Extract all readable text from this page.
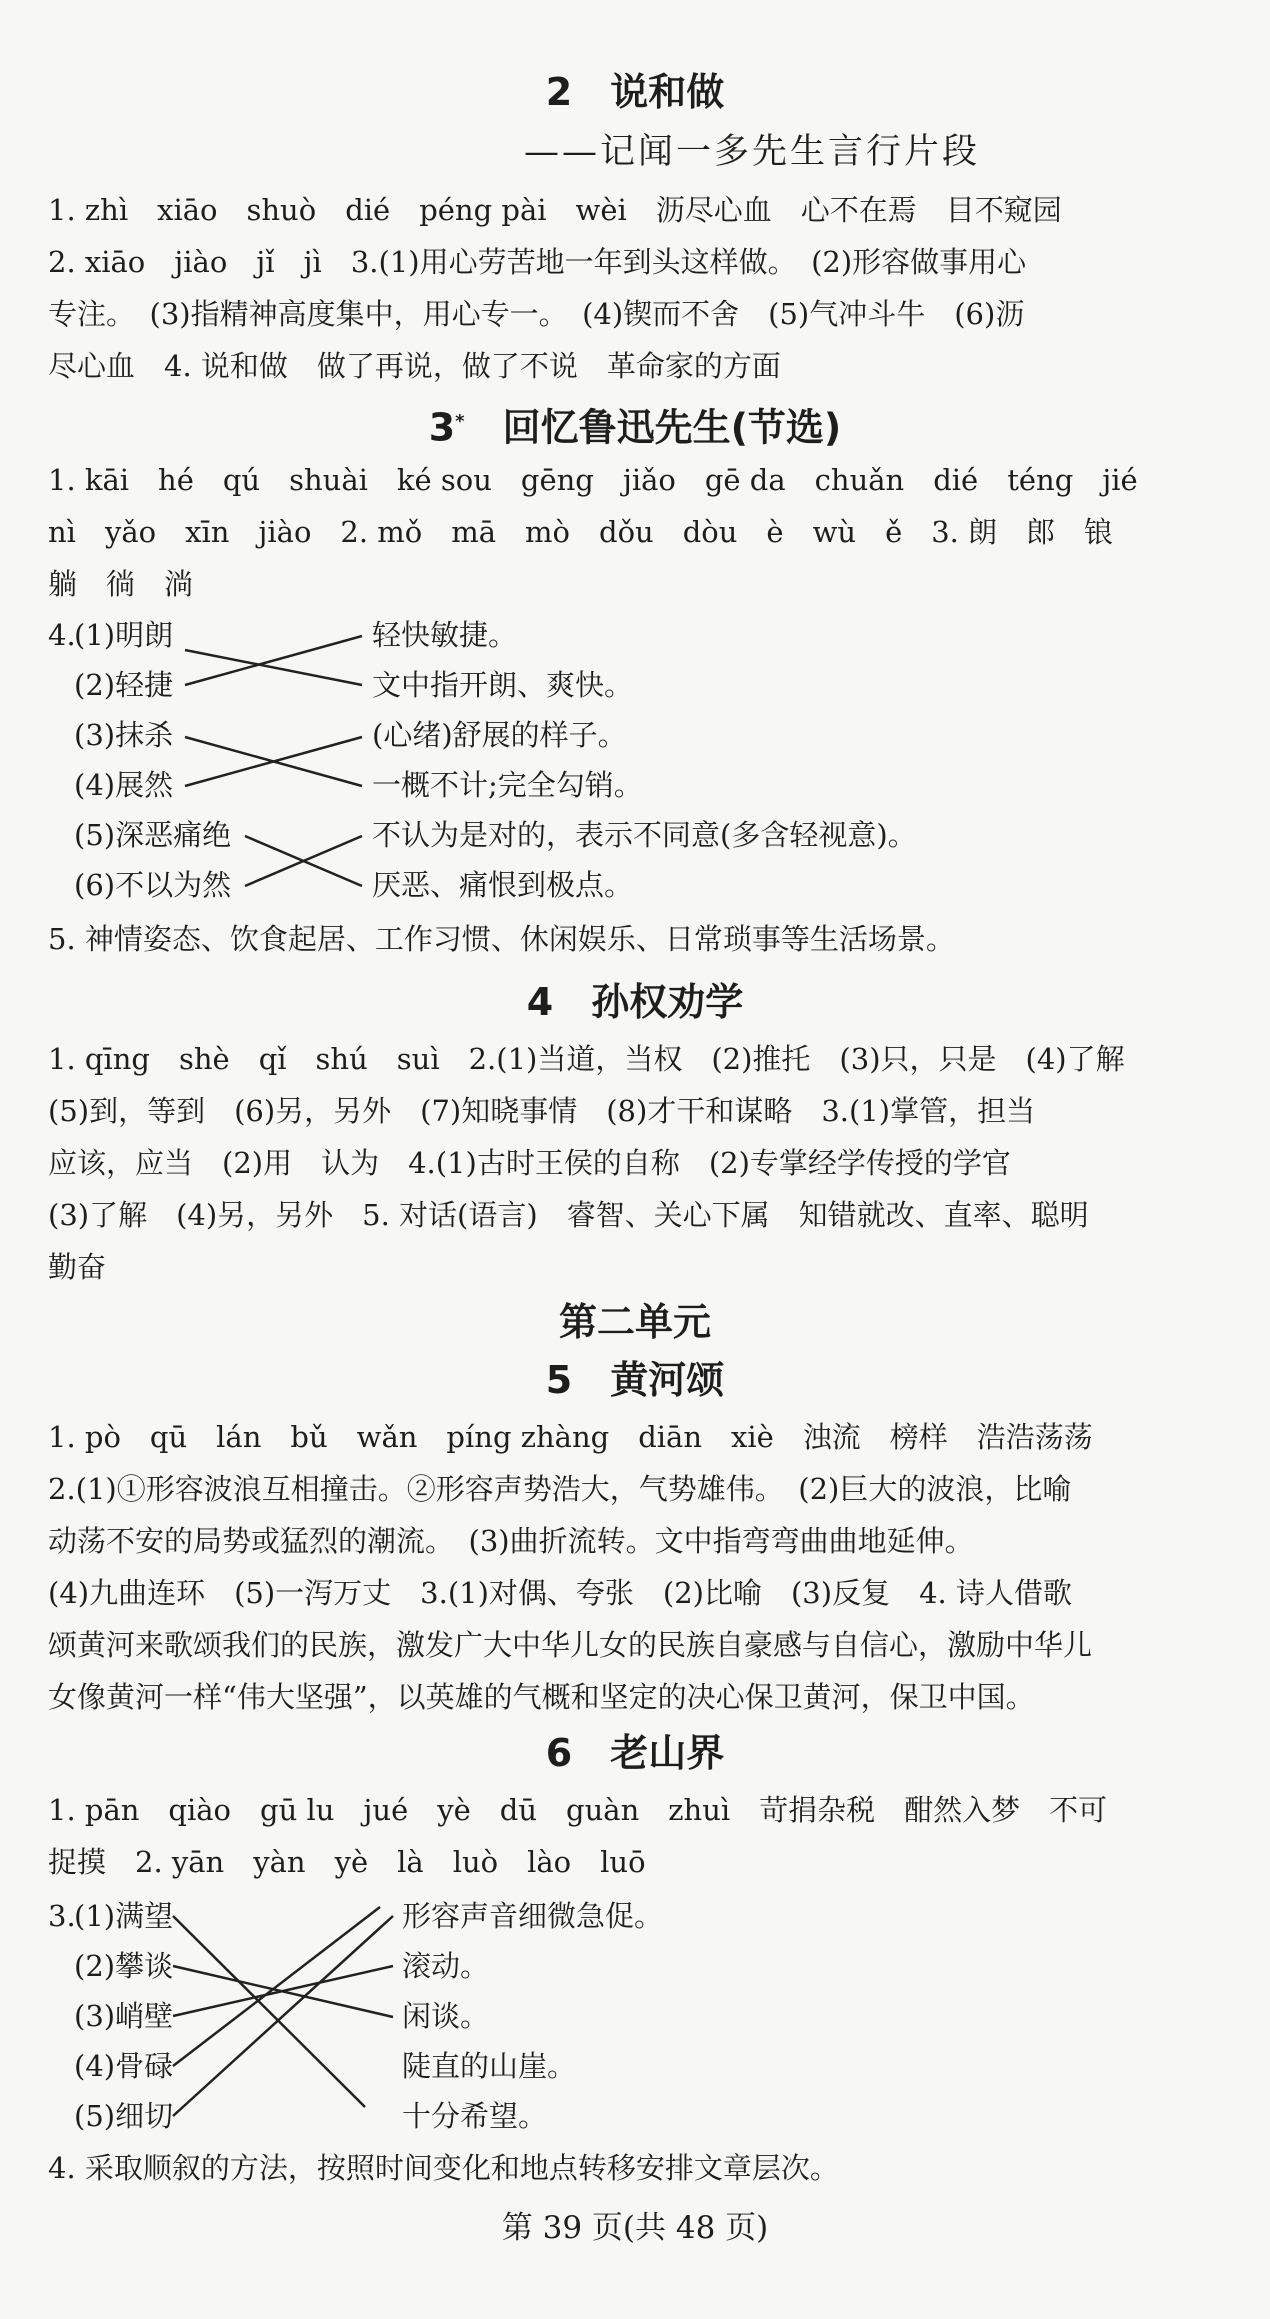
2　说和做
——记闻一多先生言行片段
1. zhì　xiāo　shuò　dié　péng pài　wèi　沥尽心血　心不在焉　目不窥园
2. xiāo　jiào　jǐ　jì　3.(1)用心劳苦地一年到头这样做。　(2)形容做事用心
专注。　(3)指精神高度集中，用心专一。　(4)锲而不舍　(5)气冲斗牛　(6)沥
尽心血　4. 说和做　做了再说，做了不说　革命家的方面
3*　回忆鲁迅先生(节选)
1. kāi　hé　qú　shuài　ké sou　gēng　jiǎo　gē da　chuǎn　dié　téng　jié
nì　yǎo　xīn　jiào　2. mǒ　mā　mò　dǒu　dòu　è　wù　ě　3. 朗　郎　锒
躺　徜　淌
4.
(1)明朗
(2)轻捷
(3)抹杀
(4)展然
(5)深恶痛绝
(6)不以为然
轻快敏捷。
文中指开朗、爽快。
(心绪)舒展的样子。
一概不计;完全勾销。
不认为是对的，表示不同意(多含轻视意)。
厌恶、痛恨到极点。
5. 神情姿态、饮食起居、工作习惯、休闲娱乐、日常琐事等生活场景。
4　孙权劝学
1. qīng　shè　qǐ　shú　suì　2.(1)当道，当权　(2)推托　(3)只，只是　(4)了解
(5)到，等到　(6)另，另外　(7)知晓事情　(8)才干和谋略　3.(1)掌管，担当
应该，应当　(2)用　认为　4.(1)古时王侯的自称　(2)专掌经学传授的学官
(3)了解　(4)另，另外　5. 对话(语言)　睿智、关心下属　知错就改、直率、聪明
勤奋
第二单元
5　黄河颂
1. pò　qū　lán　bǔ　wǎn　píng zhàng　diān　xiè　浊流　榜样　浩浩荡荡
2.(1)①形容波浪互相撞击。②形容声势浩大，气势雄伟。　(2)巨大的波浪，比喻
动荡不安的局势或猛烈的潮流。　(3)曲折流转。文中指弯弯曲曲地延伸。
(4)九曲连环　(5)一泻万丈　3.(1)对偶、夸张　(2)比喻　(3)反复　4. 诗人借歌
颂黄河来歌颂我们的民族，激发广大中华儿女的民族自豪感与自信心，激励中华儿
女像黄河一样“伟大坚强”，以英雄的气概和坚定的决心保卫黄河，保卫中国。
6　老山界
1. pān　qiào　gū lu　jué　yè　dū　guàn　zhuì　苛捐杂税　酣然入梦　不可
捉摸　2. yān　yàn　yè　là　luò　lào　luō
3.
(1)满望
(2)攀谈
(3)峭壁
(4)骨碌
(5)细切
形容声音细微急促。
滚动。
闲谈。
陡直的山崖。
十分希望。
4. 采取顺叙的方法，按照时间变化和地点转移安排文章层次。
第 39 页(共 48 页)
